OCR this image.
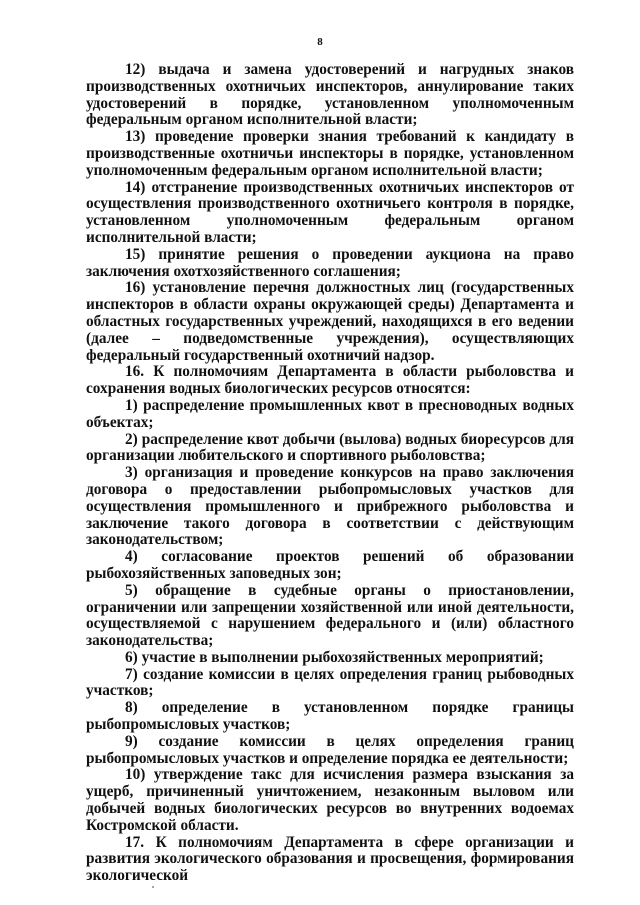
8

12) выдача и замена удостоверений и нагрудных знаков производственных охотничьих инспекторов, аннулирование таких удостоверений в порядке, установленном уполномоченным федеральным органом исполнительной власти;

13) проведение проверки знания требований к кандидату в производственные охотничьи инспекторы в порядке, установленном уполномоченным федеральным органом исполнительной власти;

14) отстранение производственных охотничьих инспекторов от осуществления производственного охотничьего контроля в порядке, установленном уполномоченным федеральным органом исполнительной власти;

15) принятие решения о проведении аукциона на право заключения охотхозяйственного соглашения;

16) установление перечня должностных лиц (государственных инспекторов в области охраны окружающей среды) Департамента и областных государственных учреждений, находящихся в его ведении (далее – подведомственные учреждения), осуществляющих федеральный государственный охотничий надзор.

16. К полномочиям Департамента в области рыболовства и сохранения водных биологических ресурсов относятся:

1) распределение промышленных квот в пресноводных водных объектах;

2) распределение квот добычи (вылова) водных биоресурсов для организации любительского и спортивного рыболовства;

3) организация и проведение конкурсов на право заключения договора о предоставлении рыбопромысловых участков для осуществления промышленного и прибрежного рыболовства и заключение такого договора в соответствии с действующим законодательством;

4) согласование проектов решений об образовании рыбохозяйственных заповедных зон;

5) обращение в судебные органы о приостановлении, ограничении или запрещении хозяйственной или иной деятельности, осуществляемой с нарушением федерального и (или) областного законодательства;

6) участие в выполнении рыбохозяйственных мероприятий;

7) создание комиссии в целях определения границ рыбоводных участков;

8) определение в установленном порядке границы рыбопромысловых участков;

9) создание комиссии в целях определения границ рыбопромысловых участков и определение порядка ее деятельности;

10) утверждение такс для исчисления размера взыскания за ущерб, причиненный уничтожением, незаконным выловом или добычей водных биологических ресурсов во внутренних водоемах Костромской области.

17. К полномочиям Департамента в сфере организации и развития экологического образования и просвещения, формирования экологической
